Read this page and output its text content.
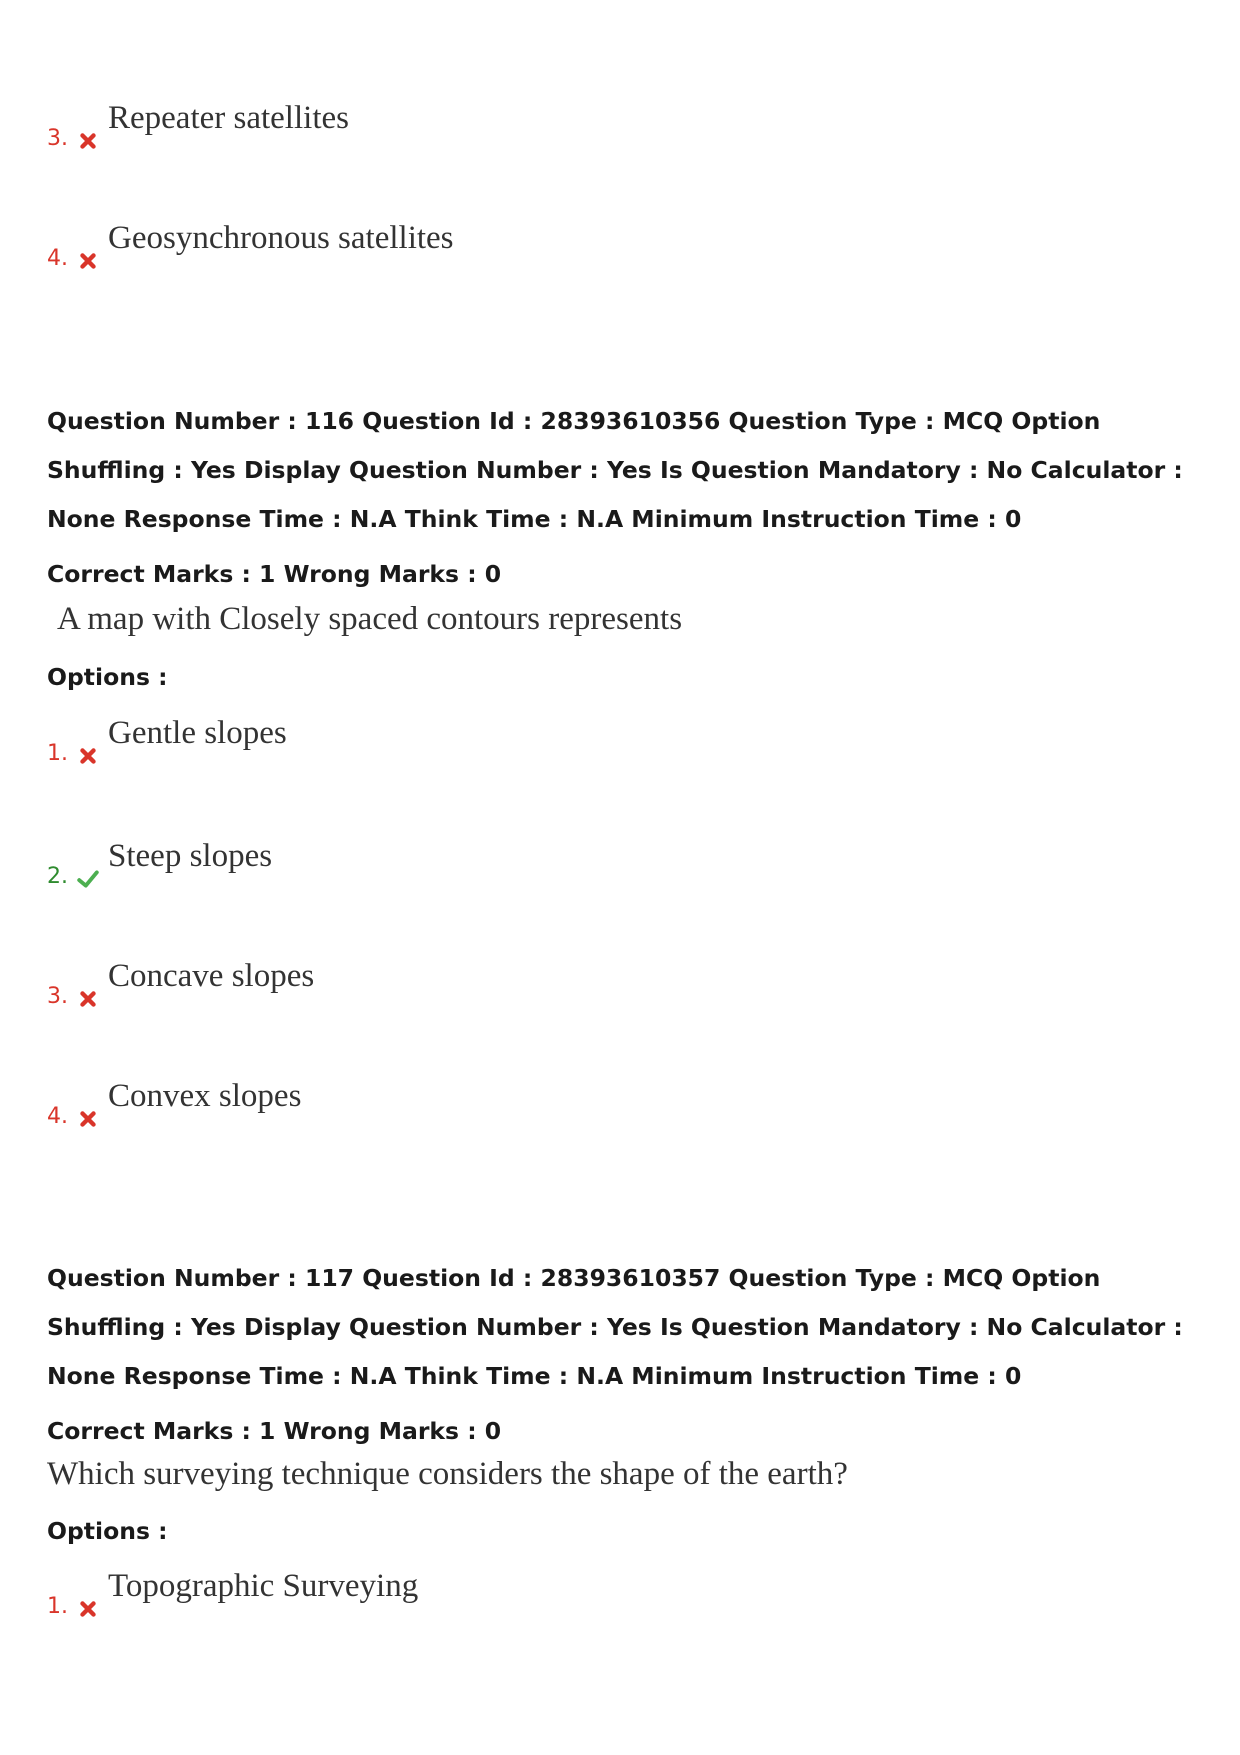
3.
Repeater satellites
4.
Geosynchronous satellites
Question Number : 116 Question Id : 28393610356 Question Type : MCQ Option Shuffling : Yes Display Question Number : Yes Is Question Mandatory : No Calculator : None Response Time : N.A Think Time : N.A Minimum Instruction Time : 0
Correct Marks : 1 Wrong Marks : 0
A map with Closely spaced contours represents
Options :
1.
Gentle slopes
2.
Steep slopes
3.
Concave slopes
4.
Convex slopes
Question Number : 117 Question Id : 28393610357 Question Type : MCQ Option Shuffling : Yes Display Question Number : Yes Is Question Mandatory : No Calculator : None Response Time : N.A Think Time : N.A Minimum Instruction Time : 0
Correct Marks : 1 Wrong Marks : 0
Which surveying technique considers the shape of the earth?
Options :
1.
Topographic Surveying
